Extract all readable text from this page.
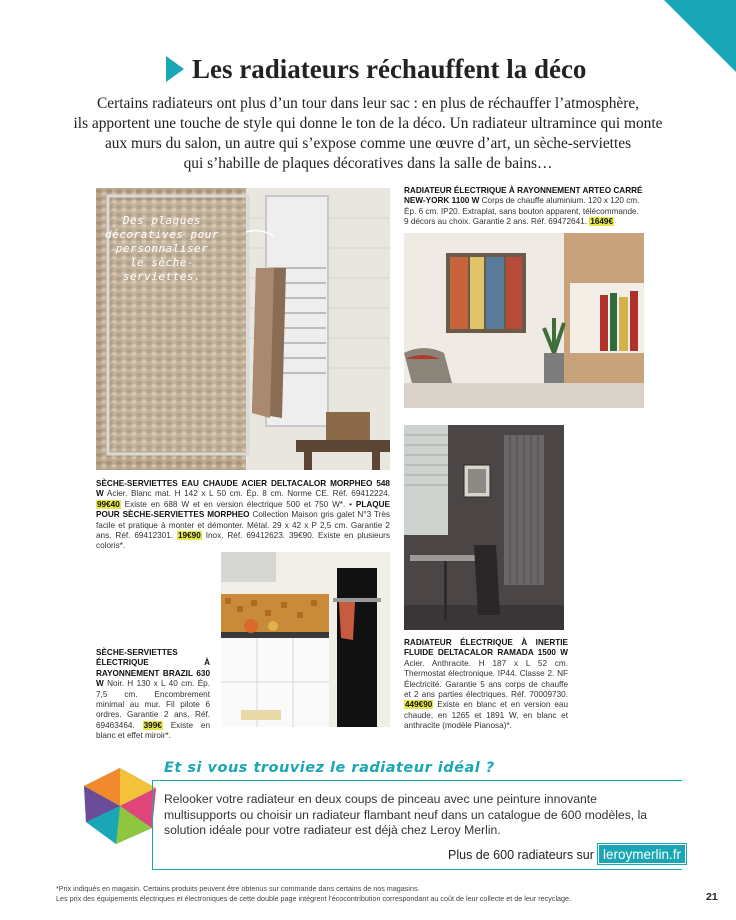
Les radiateurs réchauffent la déco
Certains radiateurs ont plus d’un tour dans leur sac : en plus de réchauffer l’atmosphère,
ils apportent une touche de style qui donne le ton de la déco. Un radiateur ultramince qui monte
aux murs du salon, un autre qui s’expose comme une œuvre d’art, un sèche-serviettes
qui s’habille de plaques décoratives dans la salle de bains…
Des plaques
décoratives pour
personnaliser
le sèche-
serviettes.
RADIATEUR ÉLECTRIQUE À RAYONNEMENT ARTEO CARRÉ NEW-YORK 1100 W Corps de chauffe aluminium. 120 x 120 cm. Ép. 6 cm. IP20. Extraplat, sans bouton apparent, télécommande. 9 décors au choix. Garantie 2 ans. Réf. 69472641. 1649€
SÈCHE-SERVIETTES EAU CHAUDE ACIER DELTACALOR MORPHEO 548 W Acier. Blanc mat. H 142 x L 50 cm. Ép. 8 cm. Norme CE. Réf. 69412224. 99€40 Existe en 688 W et en version électrique 500 et 750 W*. • PLAQUE POUR SÈCHE-SERVIETTES MORPHEO Collection Maison gris galet N°3 Très facile et pratique à monter et démonter. Métal. 29 x 42 x P 2,5 cm. Garantie 2 ans. Réf. 69412301. 19€90 Inox. Réf. 69412623. 39€90. Existe en plusieurs coloris*.
SÈCHE-SERVIETTES ÉLECTRIQUE À RAYONNEMENT BRAZIL 630 W Noir. H 130 x L 40 cm. Ép. 7,5 cm. Encombrement minimal au mur. Fil pilote 6 ordres. Garantie 2 ans. Réf. 69463464. 399€ Existe en blanc et effet miroir*.
RADIATEUR ÉLECTRIQUE À INERTIE FLUIDE DELTACALOR RAMADA 1500 W Acier. Anthracite. H 187 x L 52 cm. Thermostat électronique. IP44. Classe 2. NF Électricité. Garantie 5 ans corps de chauffe et 2 ans parties électriques. Réf. 70009730. 449€90 Existe en blanc et en version eau chaude, en 1265 et 1891 W, en blanc et anthracite (modèle Pianosa)*.
Et si vous trouviez le radiateur idéal ?
Relooker votre radiateur en deux coups de pinceau avec une peinture innovante multisupports ou choisir un radiateur flambant neuf dans un catalogue de 600 modèles, la solution idéale pour votre radiateur est déjà chez Leroy Merlin.
Plus de 600 radiateurs sur leroymerlin.fr
*Prix indiqués en magasin. Certains produits peuvent être obtenus sur commande dans certains de nos magasins.
Les prix des équipements électriques et électroniques de cette double page intègrent l’écocontribution correspondant au coût de leur collecte et de leur recyclage.	21
